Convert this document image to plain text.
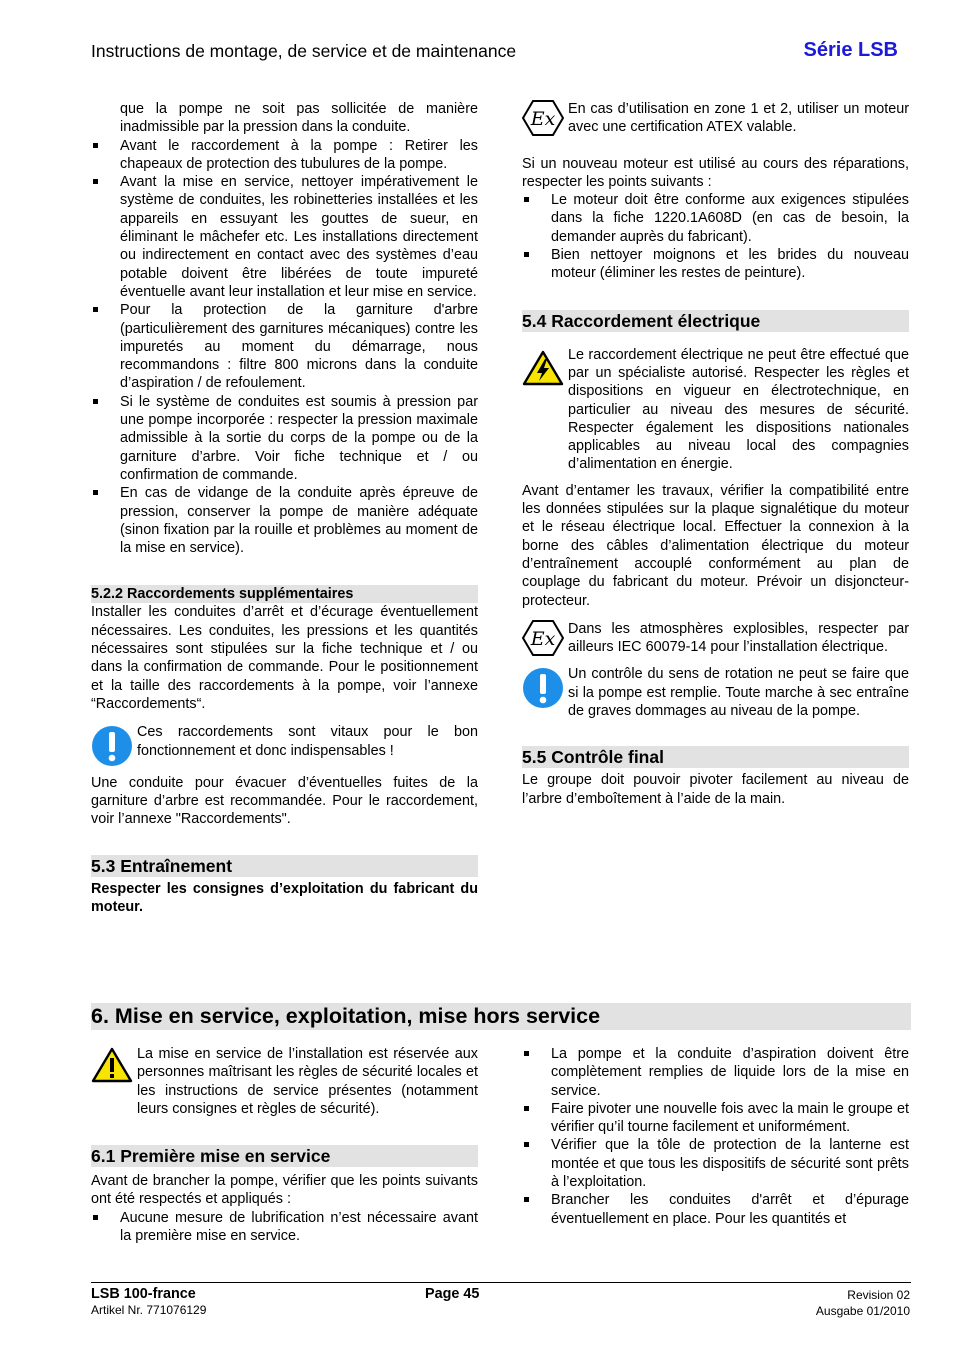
Instructions de montage, de service et de maintenance	Série LSB
que la pompe ne soit pas sollicitée de manière inadmissible par la pression dans la conduite.
Avant le raccordement à la pompe : Retirer les chapeaux de protection des tubulures de la pompe.
Avant la mise en service, nettoyer impérativement le système de conduites, les robinetteries installées et les appareils en essuyant les gouttes de sueur, en éliminant le mâchefer etc. Les installations directement ou indirectement en contact avec des systèmes d’eau potable doivent être libérées de toute impureté éventuelle avant leur installation et leur mise en service.
Pour la protection de la garniture d'arbre (particulièrement des garnitures mécaniques) contre les impuretés au moment du démarrage, nous recommandons : filtre 800 microns dans la conduite d’aspiration / de refoulement.
Si le système de conduites est soumis à pression par une pompe incorporée : respecter la pression maximale admissible à la sortie du corps de la pompe ou de la garniture d’arbre. Voir fiche technique et / ou confirmation de commande.
En cas de vidange de la conduite après épreuve de pression, conserver la pompe de manière adéquate (sinon fixation par la rouille et problèmes au moment de la mise en service).
5.2.2 Raccordements supplémentaires

Installer les conduites d’arrêt et d’écurage éventuellement nécessaires. Les conduites, les pressions et les quantités nécessaires sont stipulées sur la fiche technique et / ou dans la confirmation de commande. Pour le positionnement et la taille des raccordements à la pompe, voir l’annexe “Raccordements“.

Ces raccordements sont vitaux pour le bon fonctionnement et donc indispensables !

Une conduite pour évacuer d’éventuelles fuites de la garniture d’arbre est recommandée. Pour le raccordement, voir l’annexe "Raccordements".

5.3 Entraînement

Respecter les consignes d’exploitation du fabricant du moteur.

Ex En cas d’utilisation en zone 1 et 2, utiliser un moteur avec une certification ATEX valable.

Si un nouveau moteur est utilisé au cours des réparations, respecter les points suivants :

Le moteur doit être conforme aux exigences stipulées dans la fiche 1220.1A608D (en cas de besoin, la demander auprès du fabricant).
Bien nettoyer moignons et les brides du nouveau moteur (éliminer les restes de peinture).
5.4 Raccordement électrique
Le raccordement électrique ne peut être effectué que par un spécialiste autorisé. Respecter les règles et dispositions en vigueur en électrotechnique, en particulier au niveau des mesures de sécurité. Respecter également les dispositions nationales applicables au niveau local des compagnies d’alimentation en énergie.

Avant d’entamer les travaux, vérifier la compatibilité entre les données stipulées sur la plaque signalétique du moteur et le réseau électrique local. Effectuer la connexion à la borne des câbles d’alimentation électrique du moteur d’entraînement accouplé conformément au plan de couplage du fabricant du moteur. Prévoir un disjoncteur-protecteur.

Ex Dans les atmosphères explosibles, respecter par ailleurs IEC 60079-14 pour l’installation électrique.
Un contrôle du sens de rotation ne peut se faire que si la pompe est remplie. Toute marche à sec entraîne de graves dommages au niveau de la pompe.
5.5 Contrôle final

Le groupe doit pouvoir pivoter facilement au niveau de l’arbre d’emboîtement à l’aide de la main.

6. Mise en service, exploitation, mise hors service
La mise en service de l’installation est réservée aux personnes maîtrisant les règles de sécurité locales et les instructions de service présentes (notamment leurs consignes et règles de sécurité).
6.1 Première mise en service

Avant de brancher la pompe, vérifier que les points suivants ont été respectés et appliqués :

Aucune mesure de lubrification n’est nécessaire avant la première mise en service.
La pompe et la conduite d’aspiration doivent être complètement remplies de liquide lors de la mise en service.
Faire pivoter une nouvelle fois avec la main le groupe et vérifier qu’il tourne facilement et uniformément.
Vérifier que la tôle de protection de la lanterne est montée et que tous les dispositifs de sécurité sont prêts à l’exploitation.
Brancher les conduites d'arrêt et d’épurage éventuellement en place. Pour les quantités et
LSB 100-france
Artikel Nr. 771076129
Page 45	Revision 02
Ausgabe 01/2010
